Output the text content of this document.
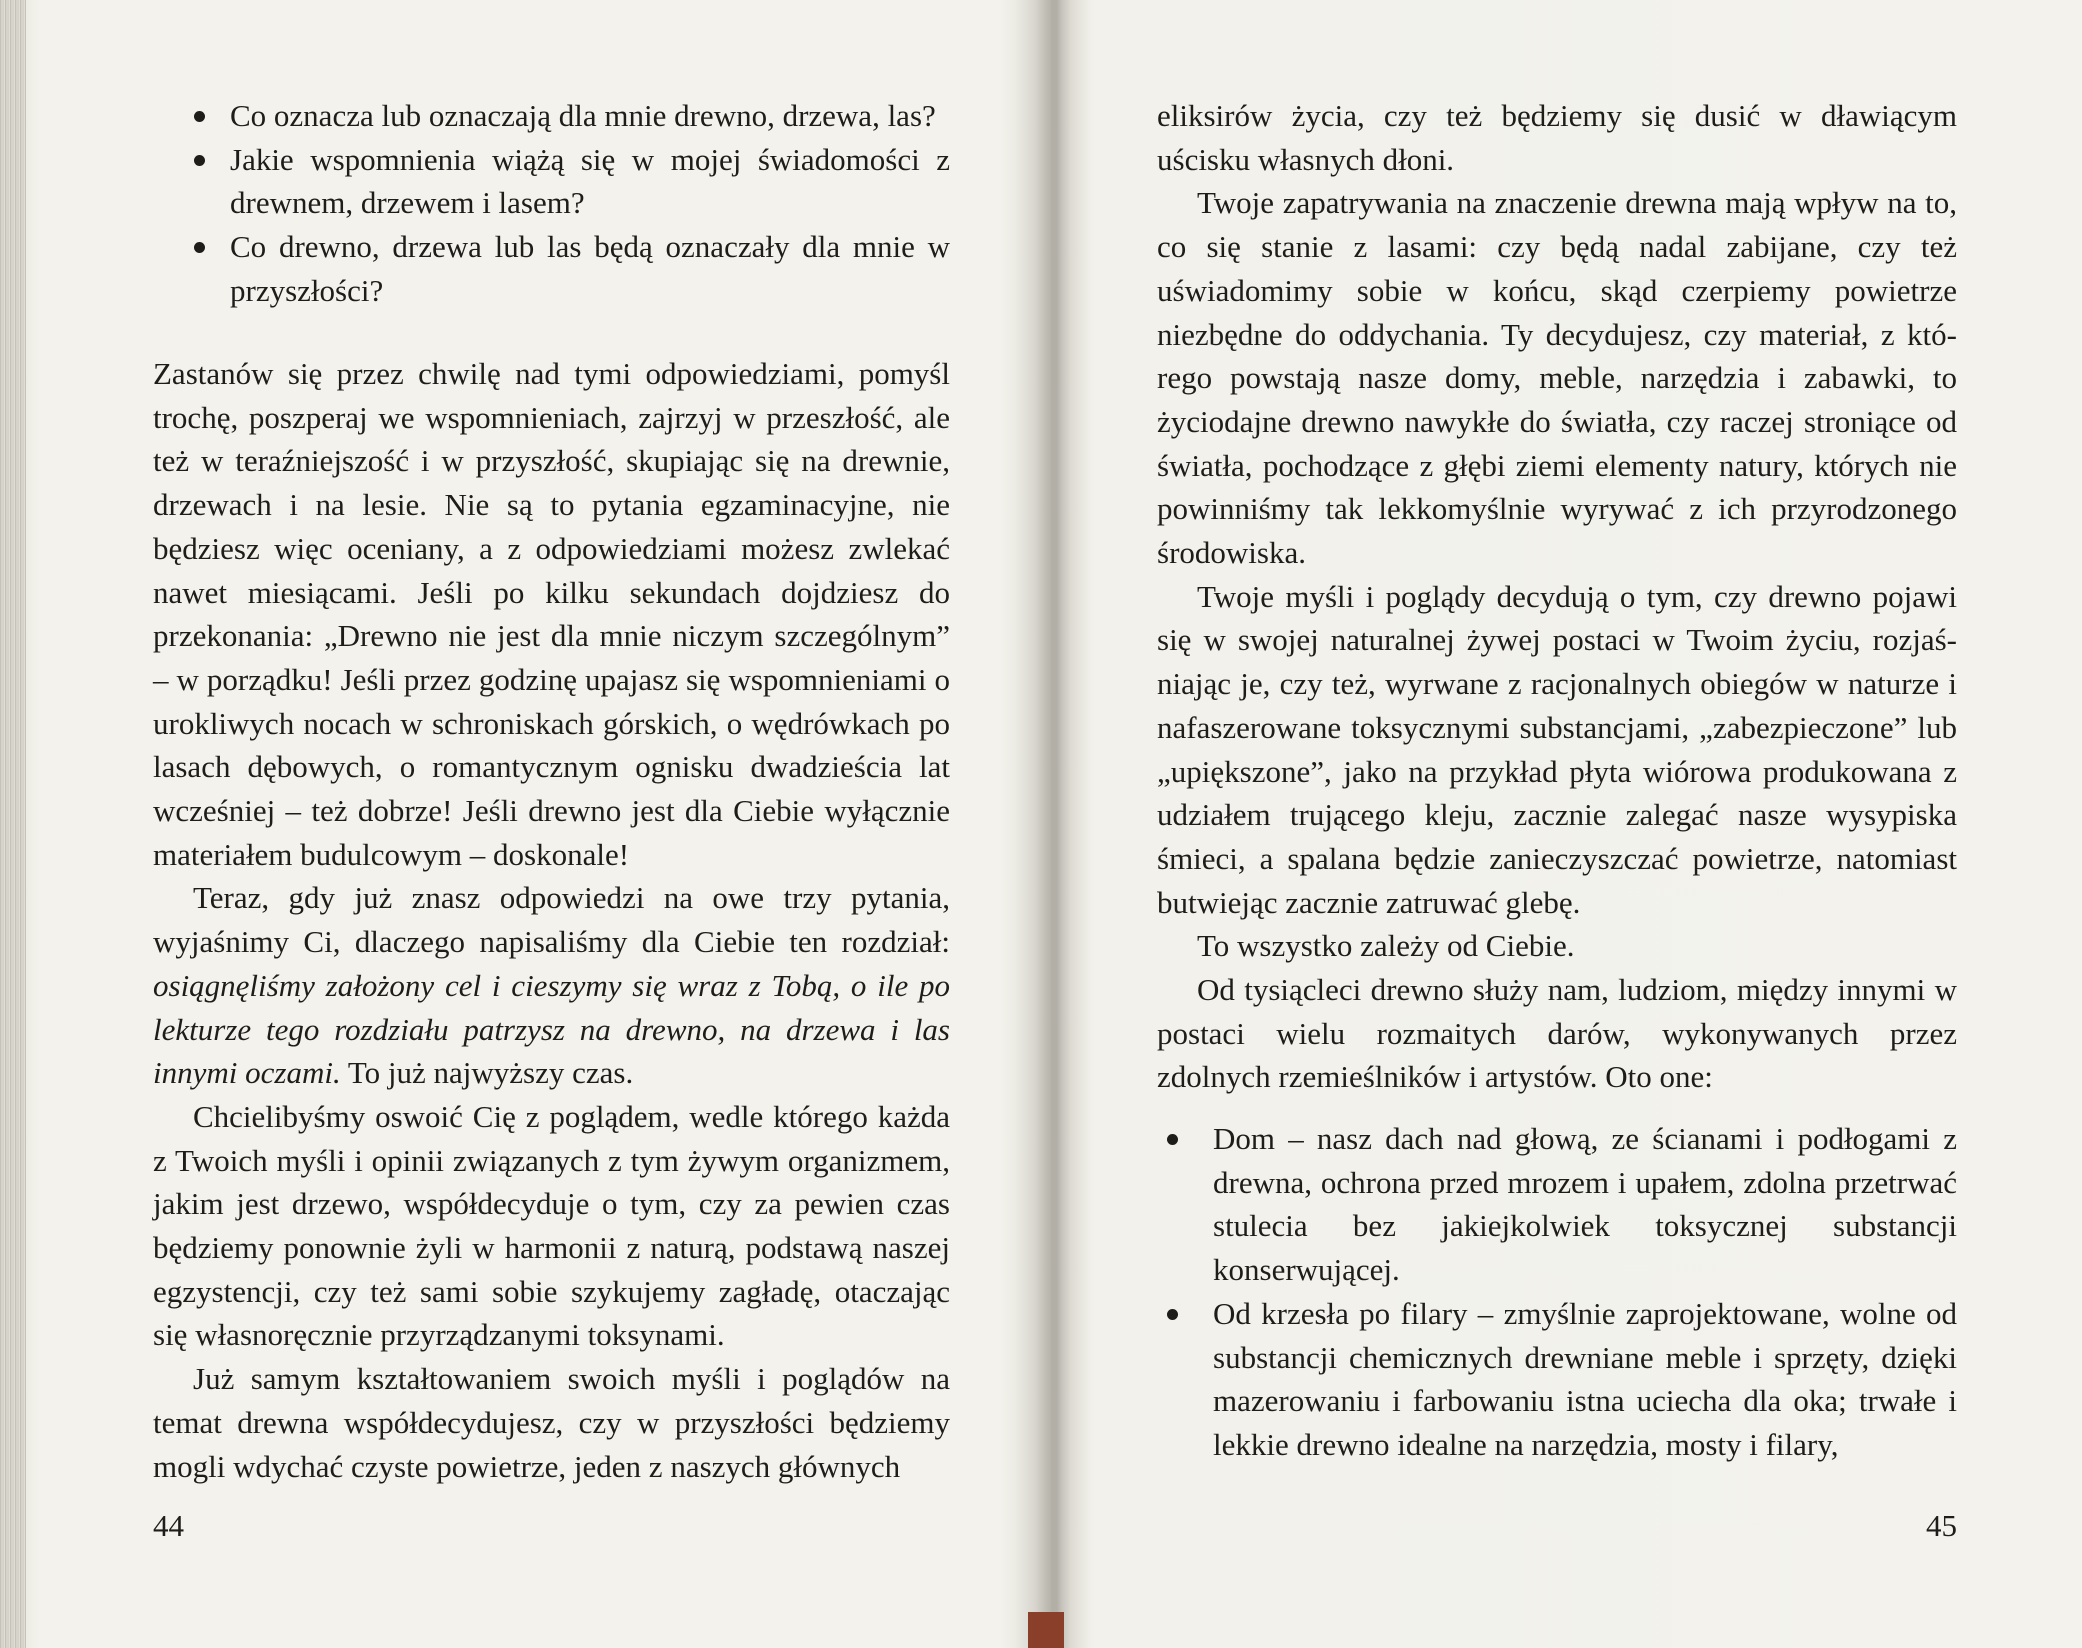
Co oznacza lub oznaczają dla mnie drewno, drzewa, las?
Jakie wspomnienia wiążą się w mojej świadomości z drewnem, drzewem i lasem?
Co drewno, drzewa lub las będą oznaczały dla mnie w przyszłości?

Zastanów się przez chwilę nad tymi odpowiedziami, pomyśl trochę, poszperaj we wspomnieniach, zajrzyj w przeszłość, ale też w teraźniejszość i w przyszłość, skupiając się na drewnie, drzewach i na lesie. Nie są to pytania egzaminacyjne, nie będziesz więc oceniany, a z odpowiedziami możesz zwlekać nawet miesiącami. Jeśli po kilku sekundach dojdziesz do przekonania: „Drewno nie jest dla mnie niczym szczególnym” – w porządku! Jeśli przez godzinę upajasz się wspomnieniami o urokliwych nocach w schroniskach górskich, o wędrówkach po lasach dębowych, o romantycznym ognisku dwadzieścia lat wcześniej – też dobrze! Jeśli drewno jest dla Ciebie wyłącznie materiałem budulcowym – doskonale!

Teraz, gdy już znasz odpowiedzi na owe trzy pytania, wyjaśnimy Ci, dlaczego napisaliśmy dla Ciebie ten rozdział: osiągnęliśmy założony cel i cieszymy się wraz z Tobą, o ile po lekturze tego rozdziału patrzysz na drewno, na drzewa i las innymi oczami. To już najwyższy czas.

Chcielibyśmy oswoić Cię z poglądem, wedle którego każda z Twoich myśli i opinii związanych z tym żywym organizmem, jakim jest drzewo, współdecyduje o tym, czy za pewien czas będziemy ponownie żyli w harmonii z naturą, podstawą naszej egzystencji, czy też sami sobie szykujemy zagładę, otaczając się własnoręcznie przyrządzanymi toksynami.

Już samym kształtowaniem swoich myśli i poglądów na temat drewna współdecydujesz, czy w przyszłości będziemy mogli wdychać czyste powietrze, jeden z naszych głównych

44

eliksirów życia, czy też będziemy się dusić w dławiącym uścisku własnych dłoni.

Twoje zapatrywania na znaczenie drewna mają wpływ na to, co się stanie z lasami: czy będą nadal zabijane, czy też uświadomimy sobie w końcu, skąd czerpiemy powietrze niezbędne do oddychania. Ty decydujesz, czy materiał, z którego powstają nasze domy, meble, narzędzia i zabawki, to życiodajne drewno nawykłe do światła, czy raczej stroniące od światła, pochodzące z głębi ziemi elementy natury, których nie powinniśmy tak lekkomyślnie wyrywać z ich przyrodzonego środowiska.

Twoje myśli i poglądy decydują o tym, czy drewno pojawi się w swojej naturalnej żywej postaci w Twoim życiu, rozjaśniając je, czy też, wyrwane z racjonalnych obiegów w naturze i nafaszerowane toksycznymi substancjami, „zabezpieczone” lub „upiększone”, jako na przykład płyta wiórowa produkowana z udziałem trującego kleju, zacznie zalegać nasze wysypiska śmieci, a spalana będzie zanieczyszczać powietrze, natomiast butwiejąc zacznie zatruwać glebę.

To wszystko zależy od Ciebie.

Od tysiącleci drewno służy nam, ludziom, między innymi w postaci wielu rozmaitych darów, wykonywanych przez zdolnych rzemieślników i artystów. Oto one:

Dom – nasz dach nad głową, ze ścianami i podłogami z drewna, ochrona przed mrozem i upałem, zdolna przetrwać stulecia bez jakiejkolwiek toksycznej substancji konserwującej.
Od krzesła po filary – zmyślnie zaprojektowane, wolne od substancji chemicznych drewniane meble i sprzęty, dzięki mazerowaniu i farbowaniu istna uciecha dla oka; trwałe i lekkie drewno idealne na narzędzia, mosty i filary,
45
